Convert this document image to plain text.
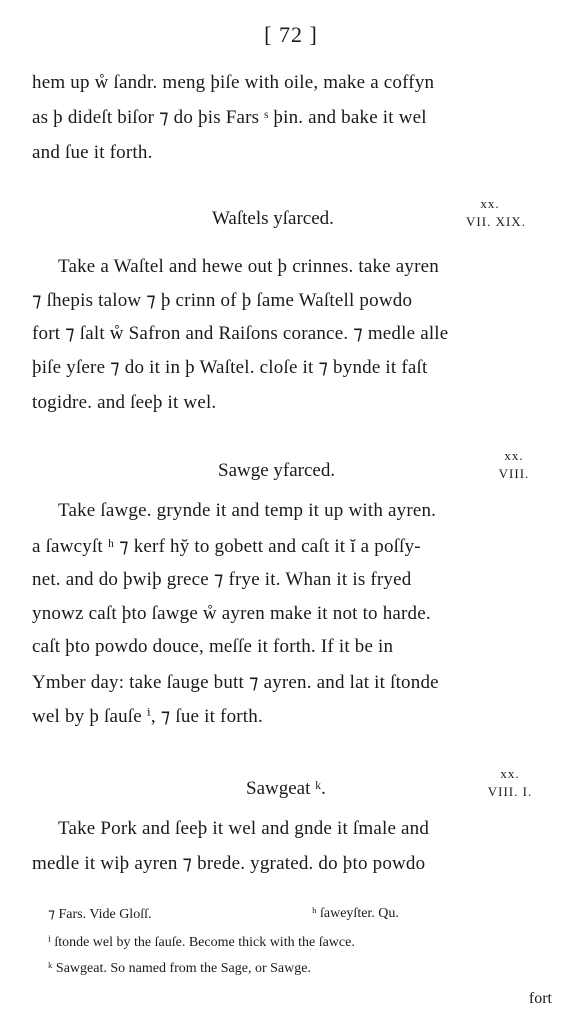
[ 72 ]
hem up ẘ ſandr. meng þiſe with oile, make a coffyn
as þ dideſt biſor ⁊ do þis Fars ˢ þin. and bake it wel
and ſue it forth.
xx.
Waſtels yſarced.	VII. XIX.
Take a Waſtel and hewe out þ crinnes. take ayren
⁊ ſhepis talow ⁊ þ crinn of þ ſame Waſtell powdo
fort ⁊ ſalt ẘ Safron and Raiſons corance. ⁊ medle alle
þiſe yſere ⁊ do it in þ Waſtel. cloſe it ⁊ bynde it faſt
togidre. and ſeeþ it wel.
xx.
Sawge yfarced.	VIII.
Take ſawge. grynde it and temp it up with ayren.
a ſawcyſt ʰ ⁊ kerf hy̆ to gobett and caſt it ĭ a poſſy-
net. and do þwiþ grece ⁊ frye it. Whan it is fryed
ynowz caſt þto ſawge ẘ ayren make it not to harde.
caſt þto powdo douce, meſſe it forth. If it be in
Ymber day: take ſauge butt ⁊ ayren. and lat it ſtonde
wel by þ ſauſe ⁱ, ⁊ ſue it forth.
xx.
Sawgeat ᵏ.	VIII. I.
Take Pork and ſeeþ it wel and gnde it ſmale and
medle it wiþ ayren ⁊ brede. ygrated. do þto powdo
⁊ Fars. Vide Gloſſ.	ʰ ſaweyſter. Qu.
ⁱ ſtonde wel by the ſauſe. Become thick with the ſawce.
ᵏ Sawgeat. So named from the Sage, or Sawge.
fort
